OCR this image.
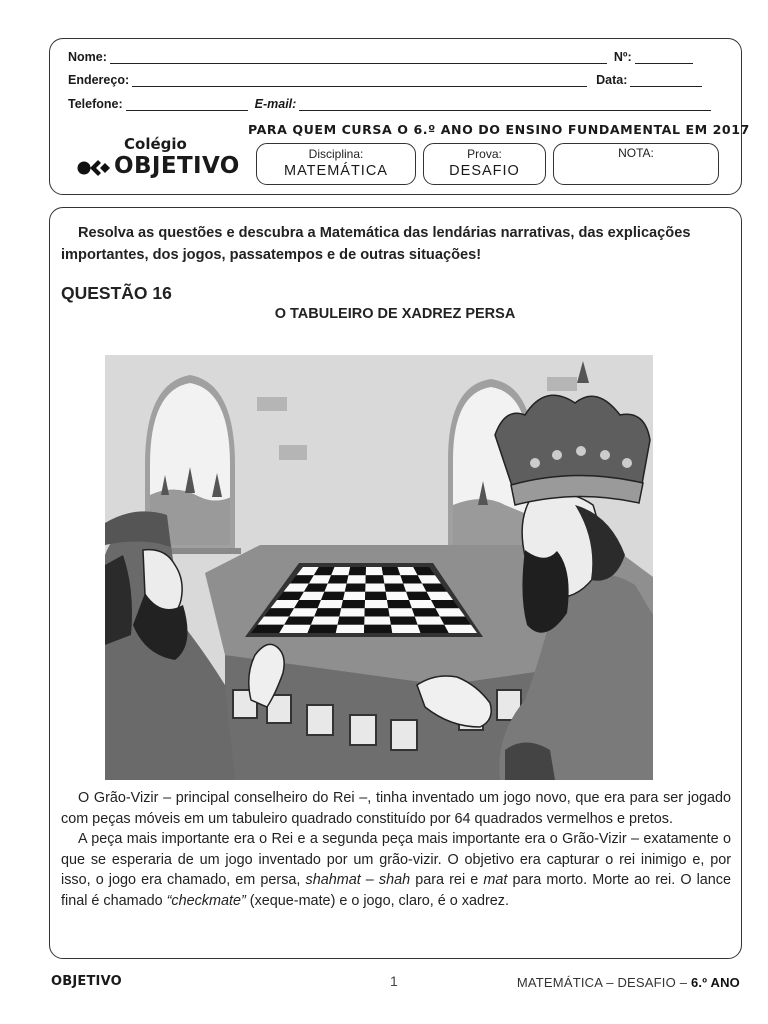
Nome:	Nº:
Endereço:	Data:
Telefone:	E-mail:
PARA QUEM CURSA O 6.º ANO DO ENSINO FUNDAMENTAL EM 2017
Colégio
OBJETIVO	Disciplina:
MATEMÁTICA
Prova:
DESAFIO
NOTA:
Resolva as questões e descubra a Matemática das lendárias narrativas, das explicações importantes, dos jogos, passatempos e de outras situações!
QUESTÃO 16
O TABULEIRO DE XADREZ PERSA

O Grão-Vizir – principal conselheiro do Rei –, tinha inventado um jogo novo, que era para ser jogado com peças móveis em um tabuleiro quadrado constituído por 64 quadrados vermelhos e pretos.

A peça mais importante era o Rei e a segunda peça mais importante era o Grão-Vizir – exatamente o que se esperaria de um jogo inventado por um grão-vizir. O objetivo era capturar o rei inimigo e, por isso, o jogo era chamado, em persa, shahmat – shah para rei e mat para morto. Morte ao rei. O lance final é chamado “checkmate” (xeque-mate) e o jogo, claro, é o xadrez.

OBJETIVO	1	MATEMÁTICA – DESAFIO – 6.º ANO
